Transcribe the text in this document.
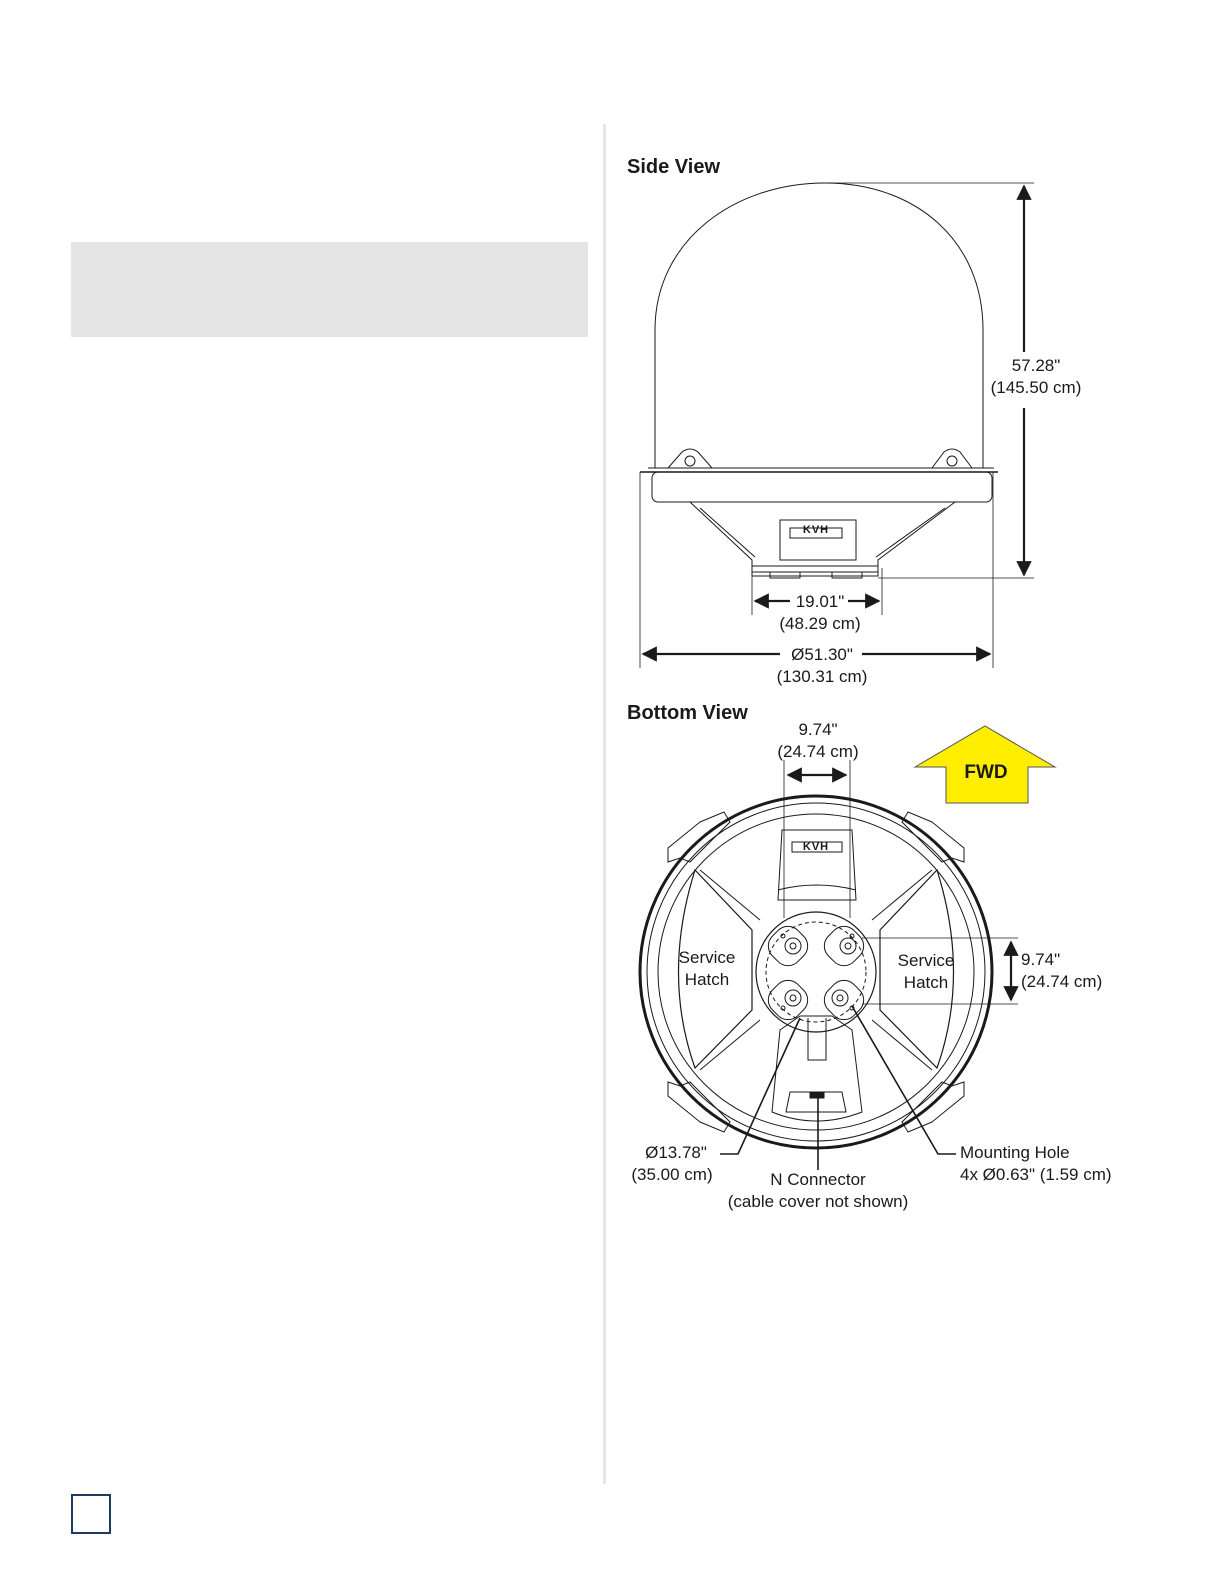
Side View
57.28"
(145.50 cm)
19.01"
(48.29 cm)
Ø51.30"
(130.31 cm)
KVH
Bottom View
9.74"
(24.74 cm)
FWD
KVH
Service
Hatch
Service
Hatch
9.74"
(24.74 cm)
Ø13.78"
(35.00 cm)	N Connector
(cable cover not shown)
Mounting Hole
4x Ø0.63" (1.59 cm)
